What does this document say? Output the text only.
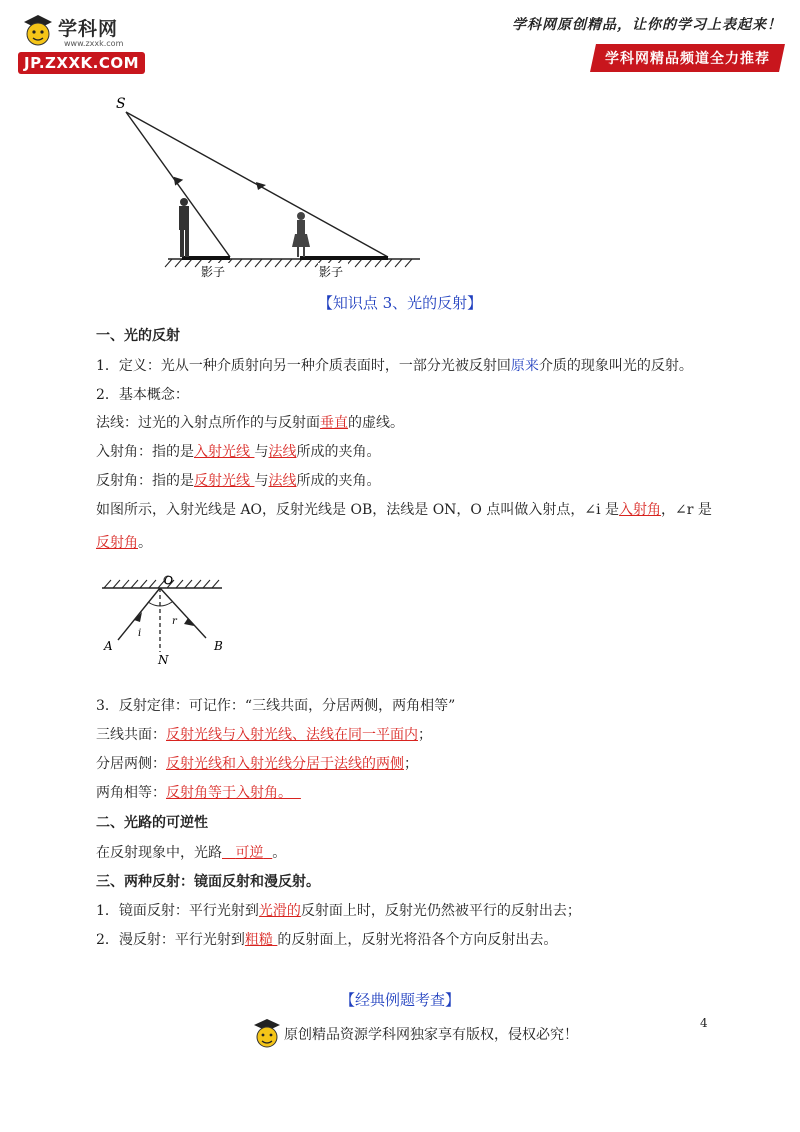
学科网
www.zxxk.com
JP.ZXXK.COM
学科网原创精品，让你的学习上表起来！
学科网精品频道全力推荐
S
影子	影子
【知识点 3、光的反射】
一、光的反射
1．定义：光从一种介质射向另一种介质表面时，一部分光被反射回原来介质的现象叫光的反射。
2．基本概念：
法线：过光的入射点所作的与反射面垂直的虚线。
入射角：指的是入射光线 与法线所成的夹角。
反射角：指的是反射光线 与法线所成的夹角。
如图所示，入射光线是 AO，反射光线是 OB，法线是 ON，O 点叫做入射点，∠i 是入射角，∠r 是
反射角。
O
i
r
A	B
N
3．反射定律：可记作：“三线共面，分居两侧，两角相等”
三线共面：反射光线与入射光线、法线在同一平面内；
分居两侧：反射光线和入射光线分居于法线的两侧；
两角相等：反射角等于入射角。
二、光路的可逆性
在反射现象中，光路 可逆 。
三、两种反射：镜面反射和漫反射。
1．镜面反射：平行光射到光滑的反射面上时，反射光仍然被平行的反射出去；
2．漫反射：平行光射到粗糙 的反射面上，反射光将沿各个方向反射出去。
【经典例题考查】
4
原创精品资源学科网独家享有版权，侵权必究！
